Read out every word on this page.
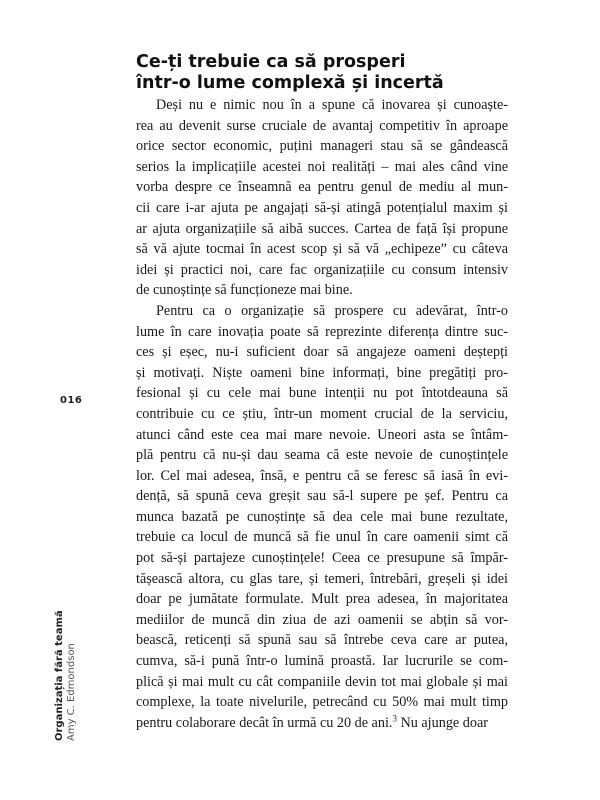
Ce-ți trebuie ca să prosperi
într-o lume complexă și incertă
Deși nu e nimic nou în a spune că inovarea și cunoaște-
rea au devenit surse cruciale de avantaj competitiv în aproape
orice sector economic, puțini manageri stau să se gândească
serios la implicațiile acestei noi realități – mai ales când vine
vorba despre ce înseamnă ea pentru genul de mediu al mun-
cii care i-ar ajuta pe angajați să-și atingă potențialul maxim și
ar ajuta organizațiile să aibă succes. Cartea de față își propune
să vă ajute tocmai în acest scop și să vă „echipeze” cu câteva
idei și practici noi, care fac organizațiile cu consum intensiv
de cunoștințe să funcționeze mai bine.
Pentru ca o organizație să prospere cu adevărat, într-o
lume în care inovația poate să reprezinte diferența dintre suc-
ces și eșec, nu-i suficient doar să angajeze oameni deștepți
și motivați. Niște oameni bine informați, bine pregătiți pro-
fesional și cu cele mai bune intenții nu pot întotdeauna să
contribuie cu ce știu, într-un moment crucial de la serviciu,
atunci când este cea mai mare nevoie. Uneori asta se întâm-
plă pentru că nu-și dau seama că este nevoie de cunoștințele
lor. Cel mai adesea, însă, e pentru că se feresc să iasă în evi-
dență, să spună ceva greșit sau să-l supere pe șef. Pentru ca
munca bazată pe cunoștințe să dea cele mai bune rezultate,
trebuie ca locul de muncă să fie unul în care oamenii simt că
pot să-și partajeze cunoștințele! Ceea ce presupune să împăr-
tășească altora, cu glas tare, și temeri, întrebări, greșeli și idei
doar pe jumătate formulate. Mult prea adesea, în majoritatea
mediilor de muncă din ziua de azi oamenii se abțin să vor-
bească, reticenți să spună sau să întrebe ceva care ar putea,
cumva, să-i pună într-o lumină proastă. Iar lucrurile se com-
plică și mai mult cu cât companiile devin tot mai globale și mai
complexe, la toate nivelurile, petrecând cu 50% mai mult timp
pentru colaborare decât în urmă cu 20 de ani.$^3$ Nu ajunge doar
016
Organizația fără teamă Amy C. Edmondson
